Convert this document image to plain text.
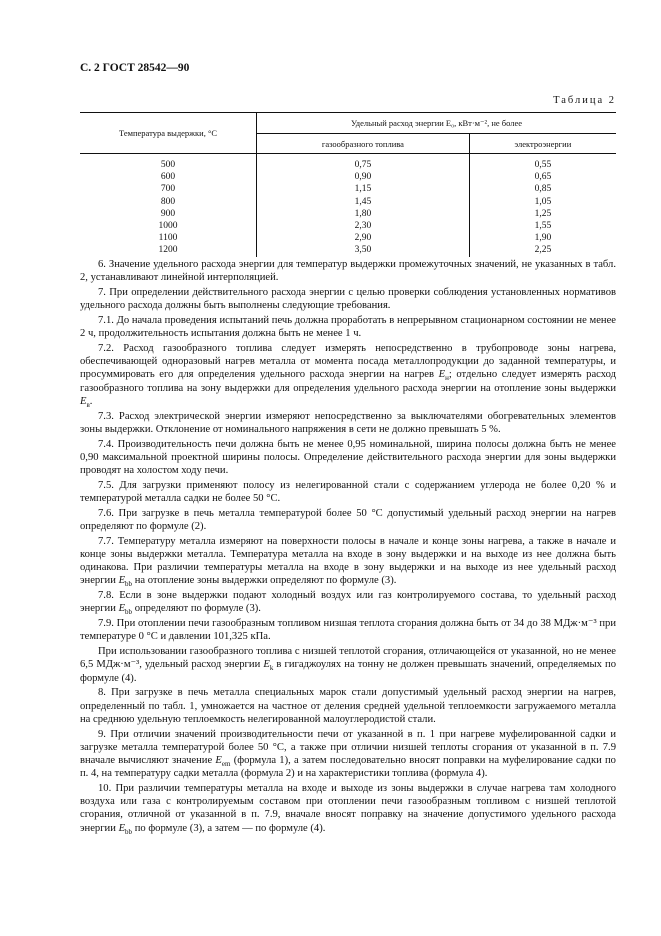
С. 2 ГОСТ 28542—90
Таблица 2
Температура выдержки, °С	Удельный расход энергии Е₀, кВт·м⁻², не более	
	газообразного топлива	электроэнергии

500	0,75	0,55
600	0,90	0,65
700	1,15	0,85
800	1,45	1,05
900	1,80	1,25
1000	2,30	1,55
1100	2,90	1,90
1200	3,50	2,25

6. Значение удельного расхода энергии для температур выдержки промежуточных значений, не указанных в табл. 2, устанавливают линейной интерполяцией.

7. При определении действительного расхода энергии с целью проверки соблюдения установленных нормативов удельного расхода должны быть выполнены следующие требования.

7.1. До начала проведения испытаний печь должна проработать в непрерывном стационарном состоянии не менее 2 ч, продолжительность испытания должна быть не менее 1 ч.

7.2. Расход газообразного топлива следует измерять непосредственно в трубопроводе зоны нагрева, обеспечивающей одноразовый нагрев металла от момента посада металлопродукции до заданной температуры, и просуммировать его для определения удельного расхода энергии на нагрев $E_н$; отдельно следует измерять расход газообразного топлива на зону выдержки для определения удельного расхода энергии на отопление зоны выдержки $E_в$.

7.3. Расход электрической энергии измеряют непосредственно за выключателями обогревательных элементов зоны выдержки. Отклонение от номинального напряжения в сети не должно превышать 5 %.

7.4. Производительность печи должна быть не менее 0,95 номинальной, ширина полосы должна быть не менее 0,90 максимальной проектной ширины полосы. Определение действительного расхода энергии для зоны выдержки проводят на холостом ходу печи.

7.5. Для загрузки применяют полосу из нелегированной стали с содержанием углерода не более 0,20 % и температурой металла садки не более 50 °С.

7.6. При загрузке в печь металла температурой более 50 °С допустимый удельный расход энергии на нагрев определяют по формуле (2).

7.7. Температуру металла измеряют на поверхности полосы в начале и конце зоны нагрева, а также в начале и конце зоны выдержки металла. Температура металла на входе в зону выдержки и на выходе из нее должна быть одинакова. При различии температуры металла на входе в зону выдержки и на выходе из нее удельный расход энергии $E_{bb}$ на отопление зоны выдержки определяют по формуле (3).

7.8. Если в зоне выдержки подают холодный воздух или газ контролируемого состава, то удельный расход энергии $E_{bb}$ определяют по формуле (3).

7.9. При отоплении печи газообразным топливом низшая теплота сгорания должна быть от 34 до 38 МДж·м⁻³ при температуре 0 °С и давлении 101,325 кПа.

При использовании газообразного топлива с низшей теплотой сгорания, отличающейся от указанной, но не менее 6,5 МДж·м⁻³, удельный расход энергии $E_k$ в гигаджоулях на тонну не должен превышать значений, определяемых по формуле (4).

8. При загрузке в печь металла специальных марок стали допустимый удельный расход энергии на нагрев, определенный по табл. 1, умножается на частное от деления средней удельной теплоемкости загружаемого металла на среднюю удельную теплоемкость нелегированной малоуглеродистой стали.

9. При отличии значений производительности печи от указанной в п. 1 при нагреве муфелированной садки и загрузке металла температурой более 50 °С, а также при отличии низшей теплоты сгорания от указанной в п. 7.9 вначале вычисляют значение $E_{em}$ (формула 1), а затем последовательно вносят поправки на муфелирование садки по п. 4, на температуру садки металла (формула 2) и на характеристики топлива (формула 4).

10. При различии температуры металла на входе и выходе из зоны выдержки в случае нагрева там холодного воздуха или газа с контролируемым составом при отоплении печи газообразным топливом с низшей теплотой сгорания, отличной от указанной в п. 7.9, вначале вносят поправку на значение допустимого удельного расхода энергии $E_{bb}$ по формуле (3), а затем — по формуле (4).
